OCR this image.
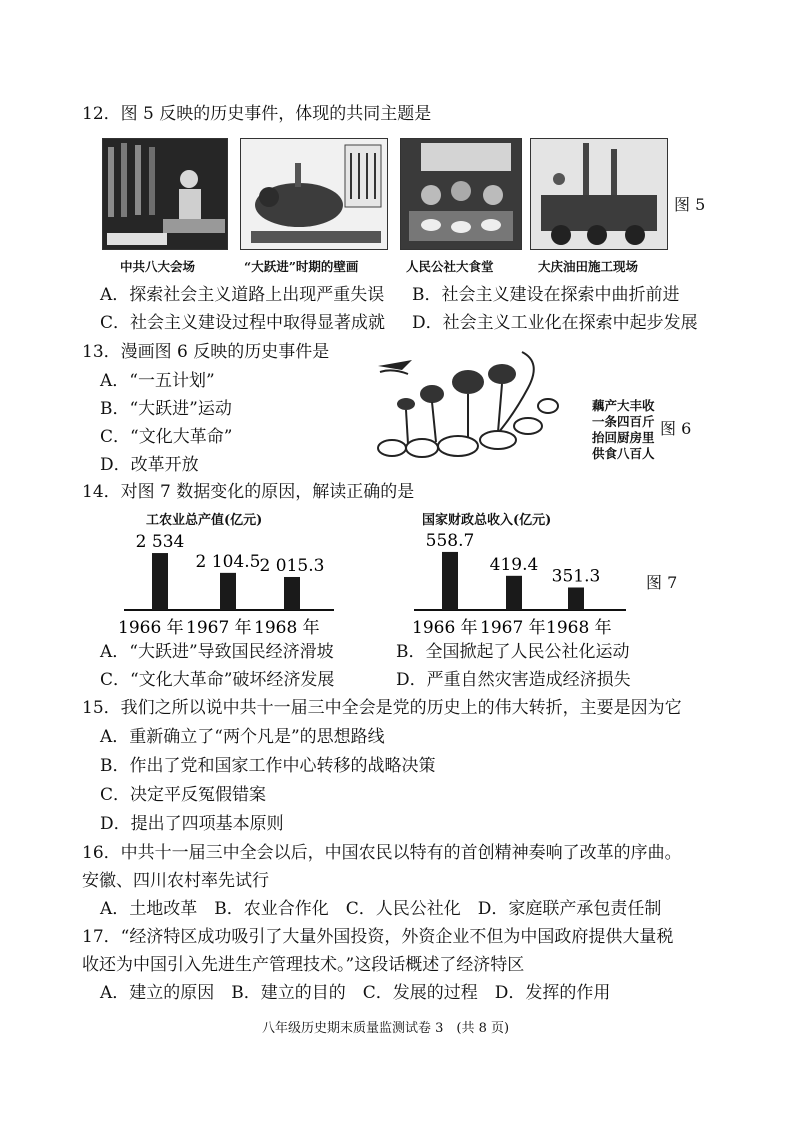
12．图 5 反映的历史事件，体现的共同主题是
图 5
中共八大会场	“大跃进”时期的壁画	人民公社大食堂	大庆油田施工现场
A．探索社会主义道路上出现严重失误 B．社会主义建设在探索中曲折前进
C．社会主义建设过程中取得显著成就 D．社会主义工业化在探索中起步发展
13．漫画图 6 反映的历史事件是
A．“一五计划”
B．“大跃进”运动
C．“文化大革命”
D．改革开放
藕产大丰收
一条四百斤
抬回厨房里
供食八百人
图 6
14．对图 7 数据变化的原因，解读正确的是
工农业总产值(亿元)	国家财政总收入(亿元)
2 534
1966 年
2 104.5
1967 年
2 015.3
1968 年
558.7
1966 年
419.4
1967 年
351.3
1968 年
图 7
A．“大跃进”导致国民经济滑坡	B．全国掀起了人民公社化运动
C．“文化大革命”破坏经济发展	D．严重自然灾害造成经济损失
15．我们之所以说中共十一届三中全会是党的历史上的伟大转折，主要是因为它
A．重新确立了“两个凡是”的思想路线
B．作出了党和国家工作中心转移的战略决策
C．决定平反冤假错案
D．提出了四项基本原则
16．中共十一届三中全会以后，中国农民以特有的首创精神奏响了改革的序曲。
安徽、四川农村率先试行
A．土地改革　B．农业合作化　C．人民公社化　D．家庭联产承包责任制
17．“经济特区成功吸引了大量外国投资，外资企业不但为中国政府提供大量税
收还为中国引入先进生产管理技术。”这段话概述了经济特区
A．建立的原因　B．建立的目的　C．发展的过程　D．发挥的作用
八年级历史期末质量监测试卷 3　(共 8 页)
